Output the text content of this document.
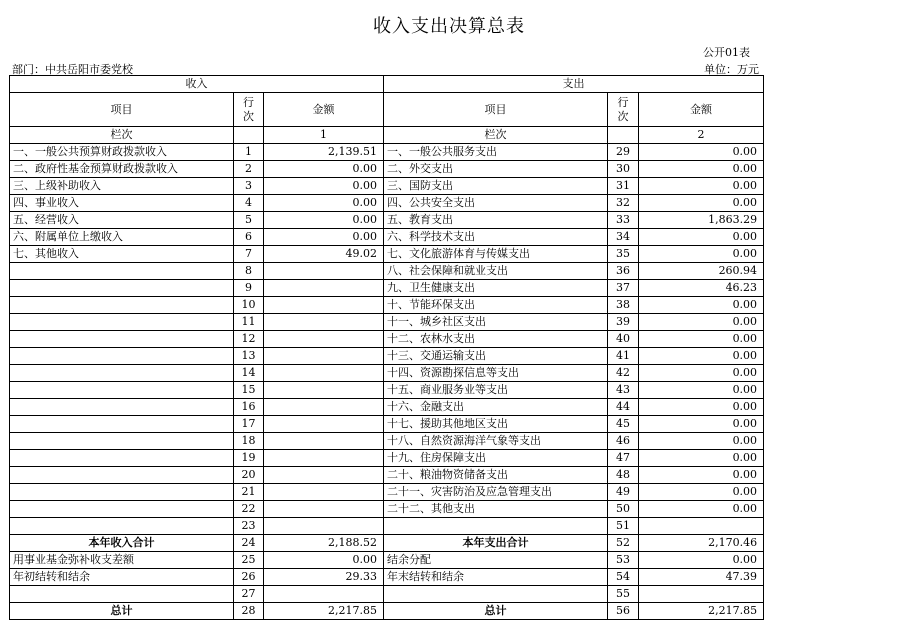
收入支出决算总表
公开01表
部门：中共岳阳市委党校	单位：万元
收入			支出		
项目	行次	金额	项目	行次	金额
栏次		1	栏次		2
一、一般公共预算财政拨款收入	1	2,139.51	一、一般公共服务支出	29	0.00
二、政府性基金预算财政拨款收入	2	0.00	二、外交支出	30	0.00
三、上级补助收入	3	0.00	三、国防支出	31	0.00
四、事业收入	4	0.00	四、公共安全支出	32	0.00
五、经营收入	5	0.00	五、教育支出	33	1,863.29
六、附属单位上缴收入	6	0.00	六、科学技术支出	34	0.00
七、其他收入	7	49.02	七、文化旅游体育与传媒支出	35	0.00
	8		八、社会保障和就业支出	36	260.94
	9		九、卫生健康支出	37	46.23
	10		十、节能环保支出	38	0.00
	11		十一、城乡社区支出	39	0.00
	12		十二、农林水支出	40	0.00
	13		十三、交通运输支出	41	0.00
	14		十四、资源勘探信息等支出	42	0.00
	15		十五、商业服务业等支出	43	0.00
	16		十六、金融支出	44	0.00
	17		十七、援助其他地区支出	45	0.00
	18		十八、自然资源海洋气象等支出	46	0.00
	19		十九、住房保障支出	47	0.00
	20		二十、粮油物资储备支出	48	0.00
	21		二十一、灾害防治及应急管理支出	49	0.00
	22		二十二、其他支出	50	0.00
	23			51	
本年收入合计	24	2,188.52	本年支出合计	52	2,170.46
用事业基金弥补收支差额	25	0.00	结余分配	53	0.00
年初结转和结余	26	29.33	年末结转和结余	54	47.39
	27			55	
总计	28	2,217.85	总计	56	2,217.85
